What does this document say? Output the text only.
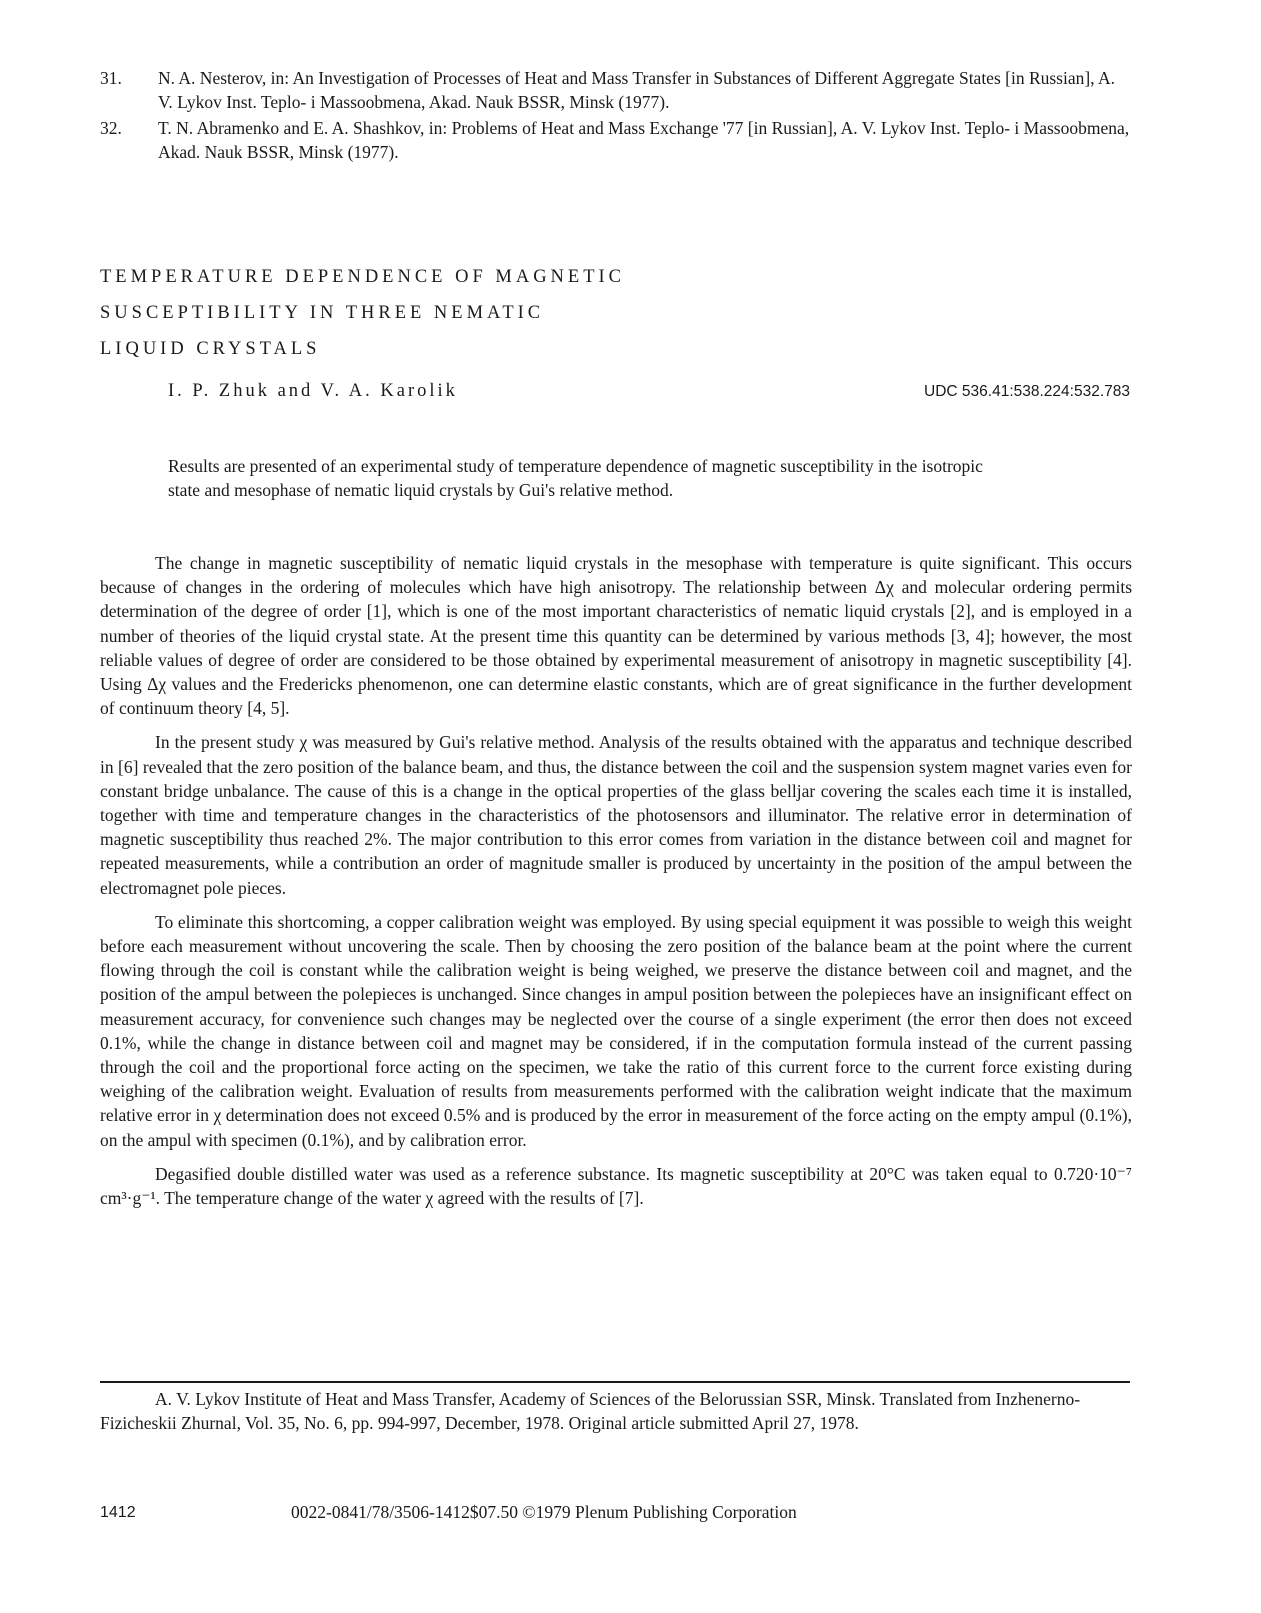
31.	N. A. Nesterov, in: An Investigation of Processes of Heat and Mass Transfer in Substances of Different Aggregate States [in Russian], A. V. Lykov Inst. Teplo- i Massoobmena, Akad. Nauk BSSR, Minsk (1977).
32.	T. N. Abramenko and E. A. Shashkov, in: Problems of Heat and Mass Exchange '77 [in Russian], A. V. Lykov Inst. Teplo- i Massoobmena, Akad. Nauk BSSR, Minsk (1977).
TEMPERATURE DEPENDENCE OF MAGNETIC
SUSCEPTIBILITY IN THREE NEMATIC
LIQUID CRYSTALS
I. P. Zhuk and V. A. Karolik	UDC 536.41:538.224:532.783
Results are presented of an experimental study of temperature dependence of magnetic susceptibility in the isotropic state and mesophase of nematic liquid crystals by Gui's relative method.

The change in magnetic susceptibility of nematic liquid crystals in the mesophase with temperature is quite significant. This occurs because of changes in the ordering of molecules which have high anisotropy. The relationship between Δχ and molecular ordering permits determination of the degree of order [1], which is one of the most important characteristics of nematic liquid crystals [2], and is employed in a number of theories of the liquid crystal state. At the present time this quantity can be determined by various methods [3, 4]; however, the most reliable values of degree of order are considered to be those obtained by experimental measurement of anisotropy in magnetic susceptibility [4]. Using Δχ values and the Fredericks phenomenon, one can determine elastic constants, which are of great significance in the further development of continuum theory [4, 5].

In the present study χ was measured by Gui's relative method. Analysis of the results obtained with the apparatus and technique described in [6] revealed that the zero position of the balance beam, and thus, the distance between the coil and the suspension system magnet varies even for constant bridge unbalance. The cause of this is a change in the optical properties of the glass belljar covering the scales each time it is installed, together with time and temperature changes in the characteristics of the photosensors and illuminator. The relative error in determination of magnetic susceptibility thus reached 2%. The major contribution to this error comes from variation in the distance between coil and magnet for repeated measurements, while a contribution an order of magnitude smaller is produced by uncertainty in the position of the ampul between the electromagnet pole pieces.

To eliminate this shortcoming, a copper calibration weight was employed. By using special equipment it was possible to weigh this weight before each measurement without uncovering the scale. Then by choosing the zero position of the balance beam at the point where the current flowing through the coil is constant while the calibration weight is being weighed, we preserve the distance between coil and magnet, and the position of the ampul between the polepieces is unchanged. Since changes in ampul position between the polepieces have an insignificant effect on measurement accuracy, for convenience such changes may be neglected over the course of a single experiment (the error then does not exceed 0.1%, while the change in distance between coil and magnet may be considered, if in the computation formula instead of the current passing through the coil and the proportional force acting on the specimen, we take the ratio of this current force to the current force existing during weighing of the calibration weight. Evaluation of results from measurements performed with the calibration weight indicate that the maximum relative error in χ determination does not exceed 0.5% and is produced by the error in measurement of the force acting on the empty ampul (0.1%), on the ampul with specimen (0.1%), and by calibration error.

Degasified double distilled water was used as a reference substance. Its magnetic susceptibility at 20°C was taken equal to 0.720·10⁻⁷ cm³·g⁻¹. The temperature change of the water χ agreed with the results of [7].

A. V. Lykov Institute of Heat and Mass Transfer, Academy of Sciences of the Belorussian SSR, Minsk. Translated from Inzhenerno-Fizicheskii Zhurnal, Vol. 35, No. 6, pp. 994-997, December, 1978. Original article submitted April 27, 1978.
1412	0022-0841/78/3506-1412$07.50 ©1979 Plenum Publishing Corporation
